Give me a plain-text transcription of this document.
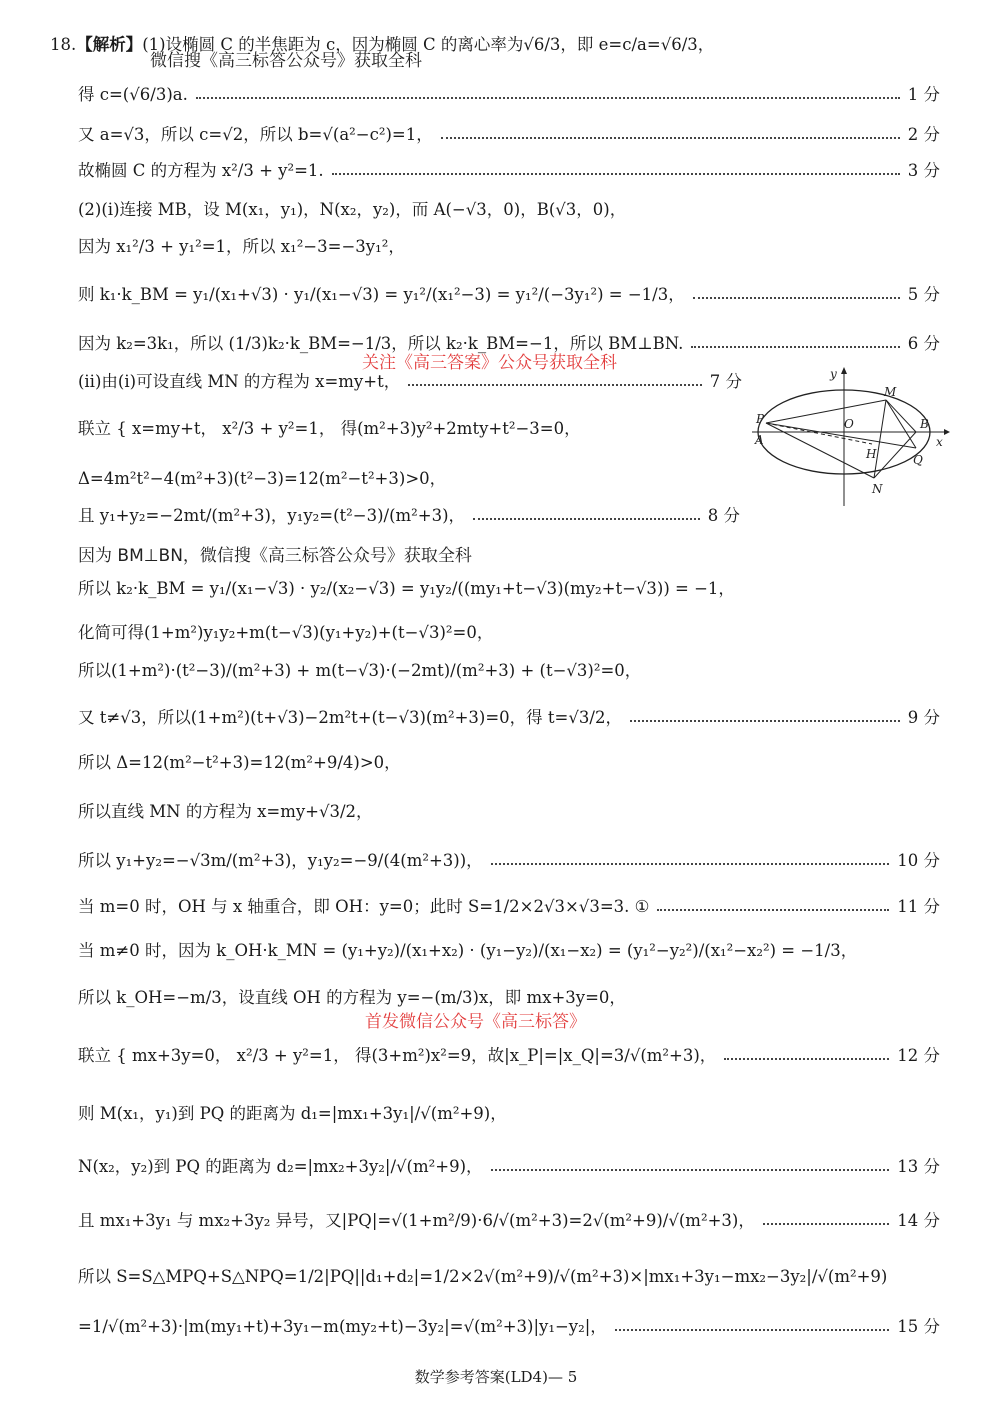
18. 【解析】 (1)设椭圆 C 的半焦距为 c，因为椭圆 C 的离心率为√6/3，即 e=c/a=√6/3，
微信搜《高三标答公众号》获取全科
得 c=(√6/3)a.	1 分
又 a=√3，所以 c=√2，所以 b=√(a²−c²)=1，	2 分
故椭圆 C 的方程为 x²/3 + y²=1.	3 分
(2)(ⅰ)连接 MB，设 M(x₁，y₁)，N(x₂，y₂)，而 A(−√3，0)，B(√3，0)，
因为 x₁²/3 + y₁²=1，所以 x₁²−3=−3y₁²，
则 k₁·k_BM = y₁/(x₁+√3) · y₁/(x₁−√3) = y₁²/(x₁²−3) = y₁²/(−3y₁²) = −1/3，	5 分
因为 k₂=3k₁，所以 (1/3)k₂·k_BM=−1/3，所以 k₂·k_BM=−1，所以 BM⊥BN.	6 分
关注《高三答案》公众号获取全科
(ⅱ)由(ⅰ)可设直线 MN 的方程为 x=my+t，	7 分
联立 { x=my+t， x²/3 + y²=1， 得(m²+3)y²+2mty+t²−3=0，
Δ=4m²t²−4(m²+3)(t²−3)=12(m²−t²+3)>0，
且 y₁+y₂=−2mt/(m²+3)，y₁y₂=(t²−3)/(m²+3)，	8 分
因为 BM⊥BN，微信搜《高三标答公众号》获取全科
所以 k₂·k_BM = y₁/(x₁−√3) · y₂/(x₂−√3) = y₁y₂/((my₁+t−√3)(my₂+t−√3)) = −1，
化简可得(1+m²)y₁y₂+m(t−√3)(y₁+y₂)+(t−√3)²=0，
所以(1+m²)·(t²−3)/(m²+3) + m(t−√3)·(−2mt)/(m²+3) + (t−√3)²=0，
又 t≠√3，所以(1+m²)(t+√3)−2m²t+(t−√3)(m²+3)=0，得 t=√3/2，	9 分
所以 Δ=12(m²−t²+3)=12(m²+9/4)>0，
所以直线 MN 的方程为 x=my+√3/2，
所以 y₁+y₂=−√3m/(m²+3)，y₁y₂=−9/(4(m²+3))，	10 分
当 m=0 时，OH 与 x 轴重合，即 OH：y=0；此时 S=1/2×2√3×√3=3. ①	11 分
当 m≠0 时，因为 k_OH·k_MN = (y₁+y₂)/(x₁+x₂) · (y₁−y₂)/(x₁−x₂) = (y₁²−y₂²)/(x₁²−x₂²) = −1/3，
所以 k_OH=−m/3，设直线 OH 的方程为 y=−(m/3)x，即 mx+3y=0，
首发微信公众号《高三标答》
联立 { mx+3y=0， x²/3 + y²=1， 得(3+m²)x²=9，故|x_P|=|x_Q|=3/√(m²+3)，	12 分
则 M(x₁，y₁)到 PQ 的距离为 d₁=|mx₁+3y₁|/√(m²+9)，
N(x₂，y₂)到 PQ 的距离为 d₂=|mx₂+3y₂|/√(m²+9)，	13 分
且 mx₁+3y₁ 与 mx₂+3y₂ 异号，又|PQ|=√(1+m²/9)·6/√(m²+3)=2√(m²+9)/√(m²+3)，	14 分
所以 S=S△MPQ+S△NPQ=1/2|PQ||d₁+d₂|=1/2×2√(m²+9)/√(m²+3)×|mx₁+3y₁−mx₂−3y₂|/√(m²+9)
=1/√(m²+3)·|m(my₁+t)+3y₁−m(my₂+t)−3y₂|=√(m²+3)|y₁−y₂|，	15 分
y
M
P	O	B
A
H	Q
x
N
数学参考答案(LD4)— 5
